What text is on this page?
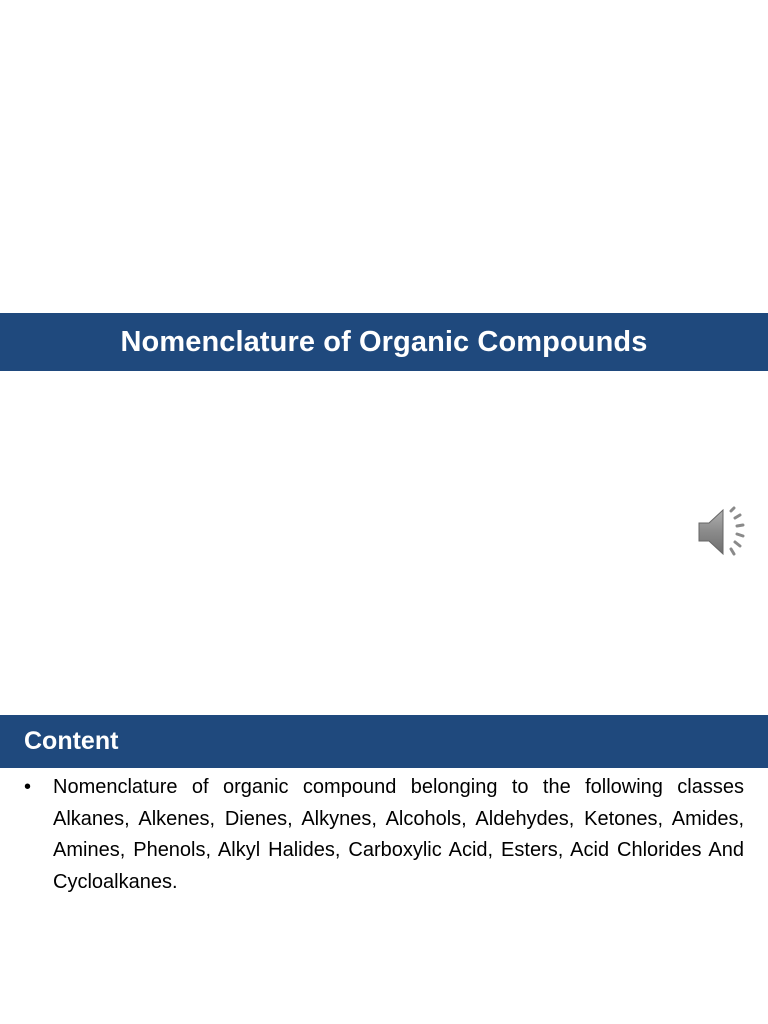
Nomenclature of Organic Compounds
Content
•	Nomenclature of organic compound belonging to the following classes Alkanes, Alkenes, Dienes, Alkynes, Alcohols, Aldehydes, Ketones, Amides, Amines, Phenols, Alkyl Halides, Carboxylic Acid, Esters, Acid Chlorides And Cycloalkanes.
